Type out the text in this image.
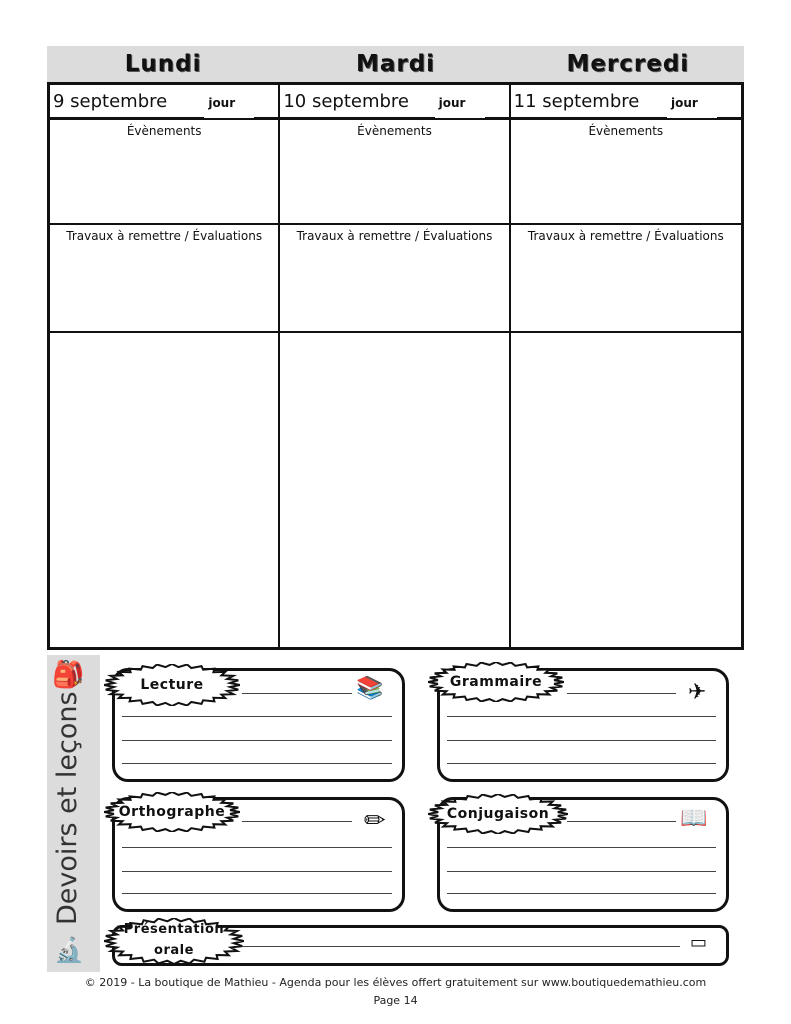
Lundi	Mardi	Mercredi
9 septembre	jour	10 septembre	jour	11 septembre	jour
Évènements	Évènements	Évènements
Travaux à remettre / Évaluations	Travaux à remettre / Évaluations	Travaux à remettre / Évaluations
🎒
🔬
Devoirs et leçons
Lecture	Grammaire
Orthographe	Conjugaison
Présentation
orale
📚	✈
✏	📖
▭
© 2019 - La boutique de Mathieu - Agenda pour les élèves offert gratuitement sur www.boutiquedemathieu.com
Page 14
